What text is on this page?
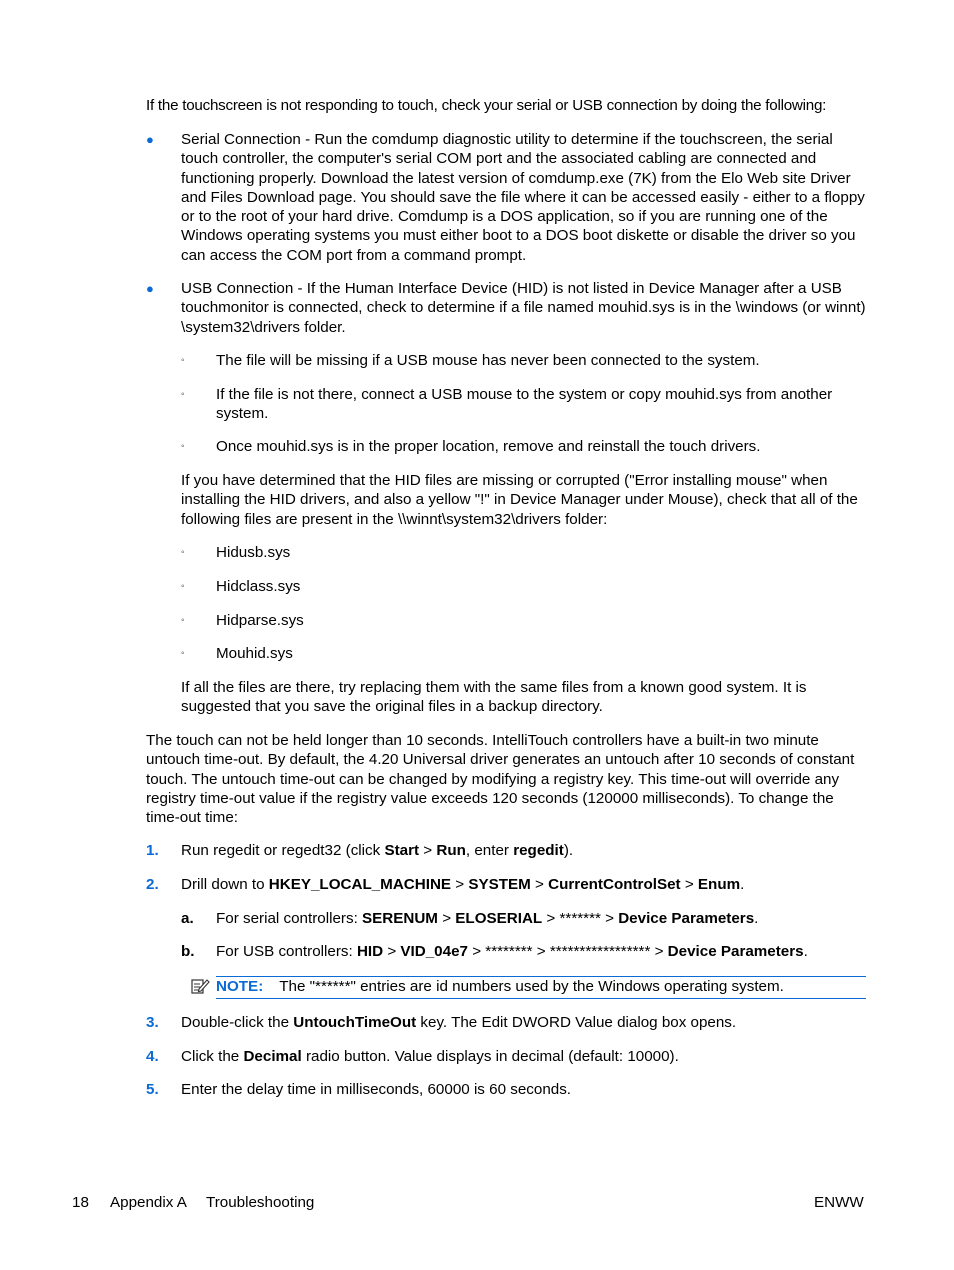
If the touchscreen is not responding to touch, check your serial or USB connection by doing the following:

● Serial Connection - Run the comdump diagnostic utility to determine if the touchscreen, the serial touch controller, the computer's serial COM port and the associated cabling are connected and functioning properly. Download the latest version of comdump.exe (7K) from the Elo Web site Driver and Files Download page. You should save the file where it can be accessed easily - either to a floppy or to the root of your hard drive. Comdump is a DOS application, so if you are running one of the Windows operating systems you must either boot to a DOS boot diskette or disable the driver so you can access the COM port from a command prompt.

● USB Connection - If the Human Interface Device (HID) is not listed in Device Manager after a USB touchmonitor is connected, check to determine if a file named mouhid.sys is in the \windows (or winnt) \system32\drivers folder.

◦ The file will be missing if a USB mouse has never been connected to the system.

◦ If the file is not there, connect a USB mouse to the system or copy mouhid.sys from another system.

◦ Once mouhid.sys is in the proper location, remove and reinstall the touch drivers.

If you have determined that the HID files are missing or corrupted ("Error installing mouse" when installing the HID drivers, and also a yellow "!" in Device Manager under Mouse), check that all of the following files are present in the \\winnt\system32\drivers folder:

◦ Hidusb.sys

◦ Hidclass.sys

◦ Hidparse.sys

◦ Mouhid.sys

If all the files are there, try replacing them with the same files from a known good system. It is suggested that you save the original files in a backup directory.

The touch can not be held longer than 10 seconds. IntelliTouch controllers have a built-in two minute untouch time-out. By default, the 4.20 Universal driver generates an untouch after 10 seconds of constant touch. The untouch time-out can be changed by modifying a registry key. This time-out will override any registry time-out value if the registry value exceeds 120 seconds (120000 milliseconds). To change the time-out time:

1. Run regedit or regedt32 (click Start > Run, enter regedit).

2. Drill down to HKEY_LOCAL_MACHINE > SYSTEM > CurrentControlSet > Enum.

a. For serial controllers: SERENUM > ELOSERIAL > ******* > Device Parameters.

b. For USB controllers: HID > VID_04e7 > ******** > ***************** > Device Parameters.

NOTE: The "******" entries are id numbers used by the Windows operating system.

3. Double-click the UntouchTimeOut key. The Edit DWORD Value dialog box opens.

4. Click the Decimal radio button. Value displays in decimal (default: 10000).

5. Enter the delay time in milliseconds, 60000 is 60 seconds.

18 Appendix A Troubleshooting	ENWW
